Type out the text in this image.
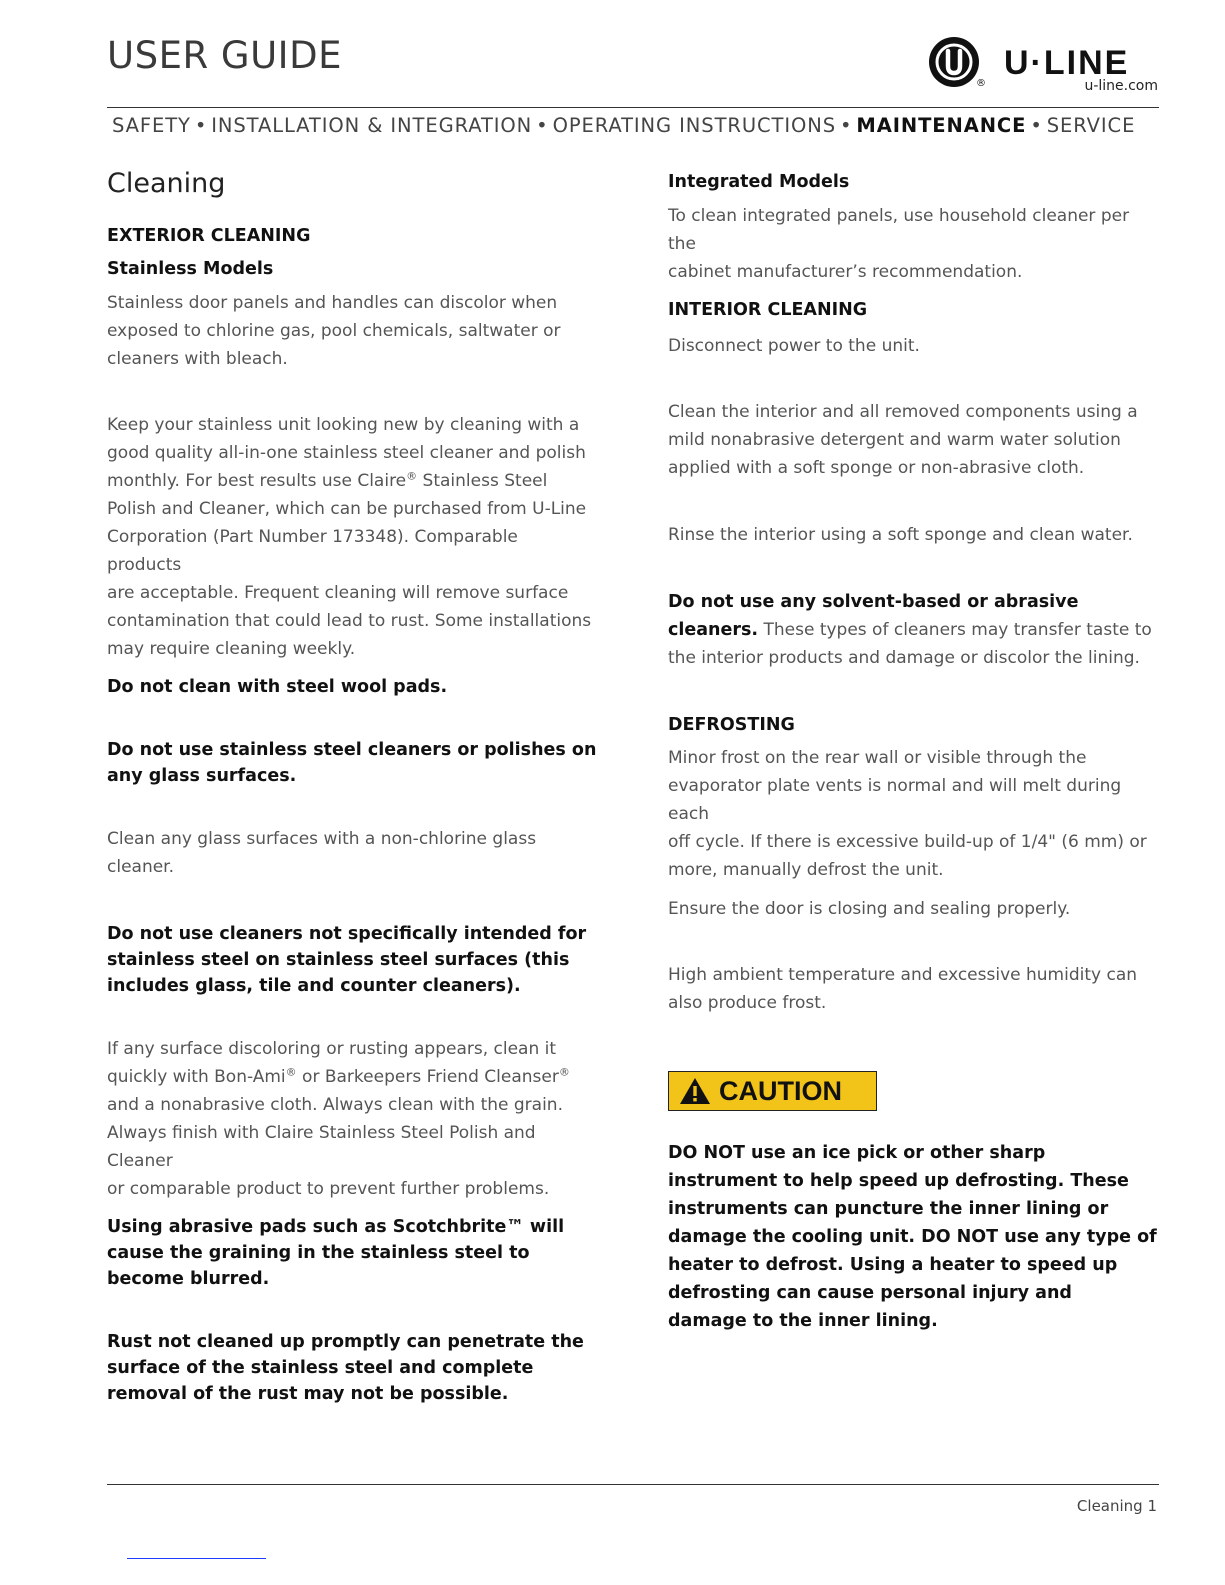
USER GUIDE
®
U·LINE
u-line.com
SAFETY • INSTALLATION & INTEGRATION • OPERATING INSTRUCTIONS • MAINTENANCE • SERVICE
Cleaning
EXTERIOR CLEANING
Stainless Models

Stainless door panels and handles can discolor when

exposed to chlorine gas, pool chemicals, saltwater or

cleaners with bleach.

Keep your stainless unit looking new by cleaning with a

good quality all-in-one stainless steel cleaner and polish

monthly. For best results use Claire® Stainless Steel

Polish and Cleaner, which can be purchased from U-Line

Corporation (Part Number 173348). Comparable products

are acceptable. Frequent cleaning will remove surface

contamination that could lead to rust. Some installations

may require cleaning weekly.

Do not clean with steel wool pads.

Do not use stainless steel cleaners or polishes on

any glass surfaces.

Clean any glass surfaces with a non-chlorine glass

cleaner.

Do not use cleaners not specifically intended for

stainless steel on stainless steel surfaces (this

includes glass, tile and counter cleaners).

If any surface discoloring or rusting appears, clean it

quickly with Bon-Ami® or Barkeepers Friend Cleanser®

and a nonabrasive cloth. Always clean with the grain.

Always finish with Claire Stainless Steel Polish and Cleaner

or comparable product to prevent further problems.

Using abrasive pads such as Scotchbrite™ will

cause the graining in the stainless steel to

become blurred.

Rust not cleaned up promptly can penetrate the

surface of the stainless steel and complete

removal of the rust may not be possible.

Integrated Models

To clean integrated panels, use household cleaner per the

cabinet manufacturer’s recommendation.

INTERIOR CLEANING
Disconnect power to the unit.

Clean the interior and all removed components using a

mild nonabrasive detergent and warm water solution

applied with a soft sponge or non-abrasive cloth.

Rinse the interior using a soft sponge and clean water.

Do not use any solvent-based or abrasive

cleaners. These types of cleaners may transfer taste to

the interior products and damage or discolor the lining.

DEFROSTING

Minor frost on the rear wall or visible through the

evaporator plate vents is normal and will melt during each

off cycle. If there is excessive build-up of 1/4" (6 mm) or

more, manually defrost the unit.

Ensure the door is closing and sealing properly.

High ambient temperature and excessive humidity can

also produce frost.

CAUTION

DO NOT use an ice pick or other sharp

instrument to help speed up defrosting. These

instruments can puncture the inner lining or

damage the cooling unit. DO NOT use any type of

heater to defrost. Using a heater to speed up

defrosting can cause personal injury and

damage to the inner lining.

Cleaning 1
